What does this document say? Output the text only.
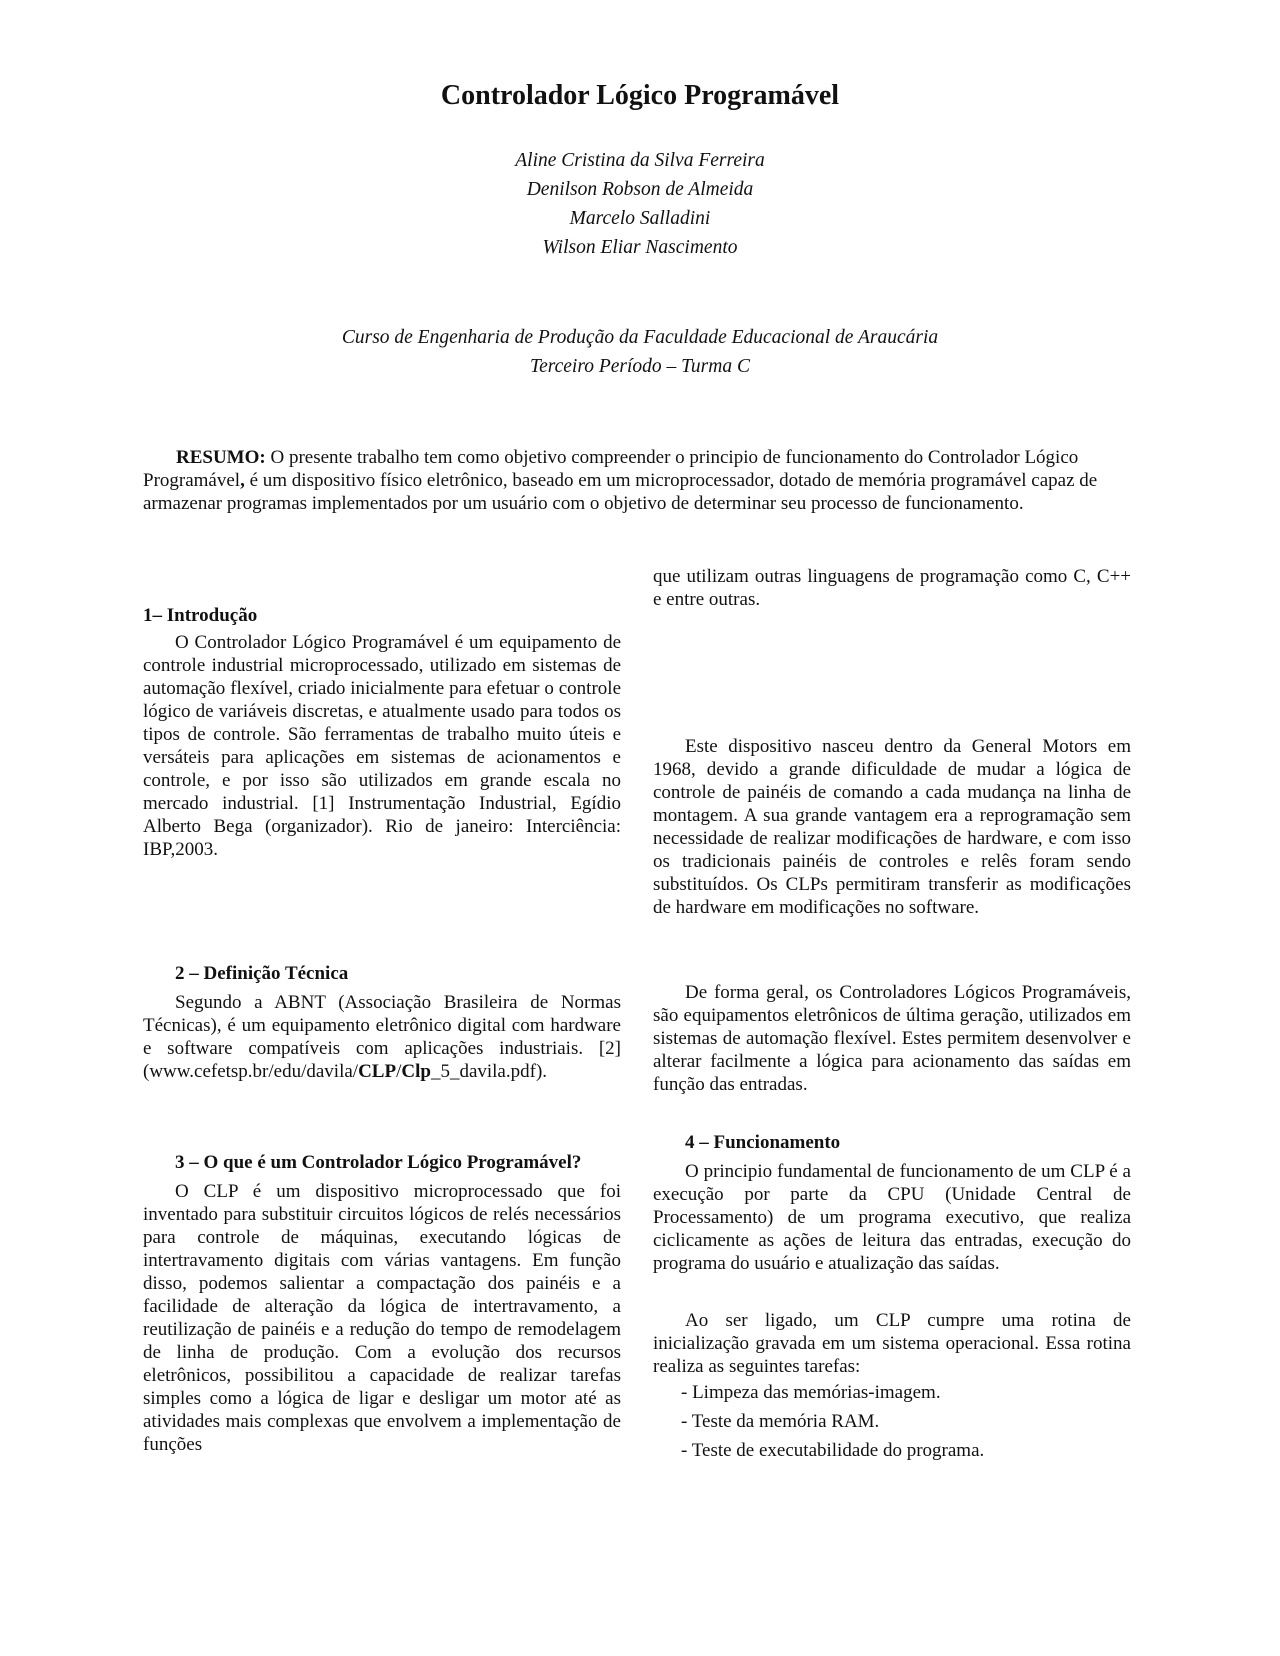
Controlador Lógico Programável
Aline Cristina da Silva Ferreira
Denilson Robson de Almeida
Marcelo Salladini
Wilson Eliar Nascimento
Curso de Engenharia de Produção da Faculdade Educacional de Araucária
Terceiro Período – Turma C
RESUMO: O presente trabalho tem como objetivo compreender o principio de funcionamento do Controlador Lógico Programável, é um dispositivo físico eletrônico, baseado em um microprocessador, dotado de memória programável capaz de armazenar programas implementados por um usuário com o objetivo de determinar seu processo de funcionamento.
1– Introdução

O Controlador Lógico Programável é um equipamento de controle industrial microprocessado, utilizado em sistemas de automação flexível, criado inicialmente para efetuar o controle lógico de variáveis discretas, e atualmente usado para todos os tipos de controle. São ferramentas de trabalho muito úteis e versáteis para aplicações em sistemas de acionamentos e controle, e por isso são utilizados em grande escala no mercado industrial. [1] Instrumentação Industrial, Egídio Alberto Bega (organizador). Rio de janeiro: Interciência: IBP,2003.

2 – Definição Técnica

Segundo a ABNT (Associação Brasileira de Normas Técnicas), é um equipamento eletrônico digital com hardware e software compatíveis com aplicações industriais. [2](www.cefetsp.br/edu/davila/CLP/Clp_5_davila.pdf).

3 – O que é um Controlador Lógico Programável?

O CLP é um dispositivo microprocessado que foi inventado para substituir circuitos lógicos de relés necessários para controle de máquinas, executando lógicas de intertravamento digitais com várias vantagens. Em função disso, podemos salientar a compactação dos painéis e a facilidade de alteração da lógica de intertravamento, a reutilização de painéis e a redução do tempo de remodelagem de linha de produção. Com a evolução dos recursos eletrônicos, possibilitou a capacidade de realizar tarefas simples como a lógica de ligar e desligar um motor até as atividades mais complexas que envolvem a implementação de funções

que utilizam outras linguagens de programação como C, C++ e entre outras.

Este dispositivo nasceu dentro da General Motors em 1968, devido a grande dificuldade de mudar a lógica de controle de painéis de comando a cada mudança na linha de montagem. A sua grande vantagem era a reprogramação sem necessidade de realizar modificações de hardware, e com isso os tradicionais painéis de controles e relês foram sendo substituídos. Os CLPs permitiram transferir as modificações de hardware em modificações no software.

De forma geral, os Controladores Lógicos Programáveis, são equipamentos eletrônicos de última geração, utilizados em sistemas de automação flexível. Estes permitem desenvolver e alterar facilmente a lógica para acionamento das saídas em função das entradas.

4 – Funcionamento

O principio fundamental de funcionamento de um CLP é a execução por parte da CPU (Unidade Central de Processamento) de um programa executivo, que realiza ciclicamente as ações de leitura das entradas, execução do programa do usuário e atualização das saídas.

Ao ser ligado, um CLP cumpre uma rotina de inicialização gravada em um sistema operacional. Essa rotina realiza as seguintes tarefas:

- Limpeza das memórias-imagem.
- Teste da memória RAM.
- Teste de executabilidade do programa.
